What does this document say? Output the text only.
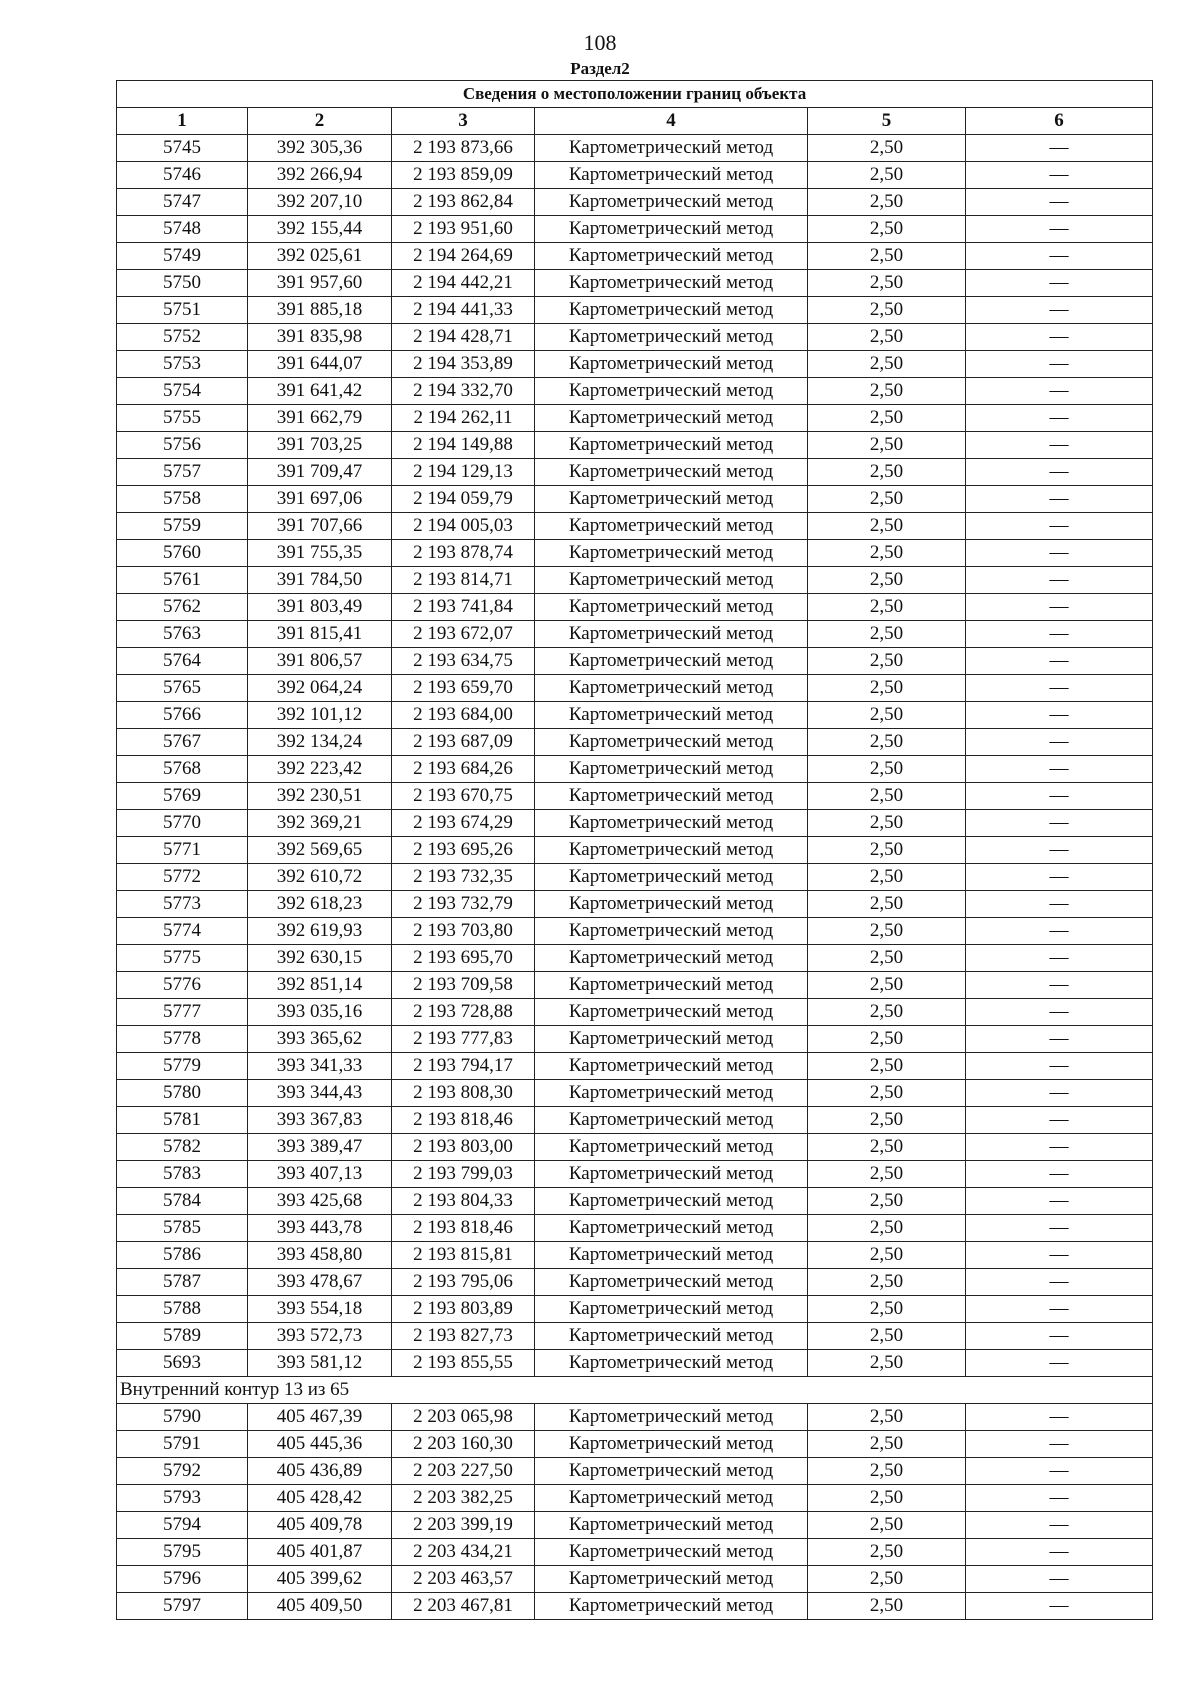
108
Раздел2
Сведения о местоположении границ объекта					
1	2	3	4	5	6
5745	392 305,36	2 193 873,66	Картометрический метод	2,50	—
5746	392 266,94	2 193 859,09	Картометрический метод	2,50	—
5747	392 207,10	2 193 862,84	Картометрический метод	2,50	—
5748	392 155,44	2 193 951,60	Картометрический метод	2,50	—
5749	392 025,61	2 194 264,69	Картометрический метод	2,50	—
5750	391 957,60	2 194 442,21	Картометрический метод	2,50	—
5751	391 885,18	2 194 441,33	Картометрический метод	2,50	—
5752	391 835,98	2 194 428,71	Картометрический метод	2,50	—
5753	391 644,07	2 194 353,89	Картометрический метод	2,50	—
5754	391 641,42	2 194 332,70	Картометрический метод	2,50	—
5755	391 662,79	2 194 262,11	Картометрический метод	2,50	—
5756	391 703,25	2 194 149,88	Картометрический метод	2,50	—
5757	391 709,47	2 194 129,13	Картометрический метод	2,50	—
5758	391 697,06	2 194 059,79	Картометрический метод	2,50	—
5759	391 707,66	2 194 005,03	Картометрический метод	2,50	—
5760	391 755,35	2 193 878,74	Картометрический метод	2,50	—
5761	391 784,50	2 193 814,71	Картометрический метод	2,50	—
5762	391 803,49	2 193 741,84	Картометрический метод	2,50	—
5763	391 815,41	2 193 672,07	Картометрический метод	2,50	—
5764	391 806,57	2 193 634,75	Картометрический метод	2,50	—
5765	392 064,24	2 193 659,70	Картометрический метод	2,50	—
5766	392 101,12	2 193 684,00	Картометрический метод	2,50	—
5767	392 134,24	2 193 687,09	Картометрический метод	2,50	—
5768	392 223,42	2 193 684,26	Картометрический метод	2,50	—
5769	392 230,51	2 193 670,75	Картометрический метод	2,50	—
5770	392 369,21	2 193 674,29	Картометрический метод	2,50	—
5771	392 569,65	2 193 695,26	Картометрический метод	2,50	—
5772	392 610,72	2 193 732,35	Картометрический метод	2,50	—
5773	392 618,23	2 193 732,79	Картометрический метод	2,50	—
5774	392 619,93	2 193 703,80	Картометрический метод	2,50	—
5775	392 630,15	2 193 695,70	Картометрический метод	2,50	—
5776	392 851,14	2 193 709,58	Картометрический метод	2,50	—
5777	393 035,16	2 193 728,88	Картометрический метод	2,50	—
5778	393 365,62	2 193 777,83	Картометрический метод	2,50	—
5779	393 341,33	2 193 794,17	Картометрический метод	2,50	—
5780	393 344,43	2 193 808,30	Картометрический метод	2,50	—
5781	393 367,83	2 193 818,46	Картометрический метод	2,50	—
5782	393 389,47	2 193 803,00	Картометрический метод	2,50	—
5783	393 407,13	2 193 799,03	Картометрический метод	2,50	—
5784	393 425,68	2 193 804,33	Картометрический метод	2,50	—
5785	393 443,78	2 193 818,46	Картометрический метод	2,50	—
5786	393 458,80	2 193 815,81	Картометрический метод	2,50	—
5787	393 478,67	2 193 795,06	Картометрический метод	2,50	—
5788	393 554,18	2 193 803,89	Картометрический метод	2,50	—
5789	393 572,73	2 193 827,73	Картометрический метод	2,50	—
5693	393 581,12	2 193 855,55	Картометрический метод	2,50	—
Внутренний контур 13 из 65					
5790	405 467,39	2 203 065,98	Картометрический метод	2,50	—
5791	405 445,36	2 203 160,30	Картометрический метод	2,50	—
5792	405 436,89	2 203 227,50	Картометрический метод	2,50	—
5793	405 428,42	2 203 382,25	Картометрический метод	2,50	—
5794	405 409,78	2 203 399,19	Картометрический метод	2,50	—
5795	405 401,87	2 203 434,21	Картометрический метод	2,50	—
5796	405 399,62	2 203 463,57	Картометрический метод	2,50	—
5797	405 409,50	2 203 467,81	Картометрический метод	2,50	—
